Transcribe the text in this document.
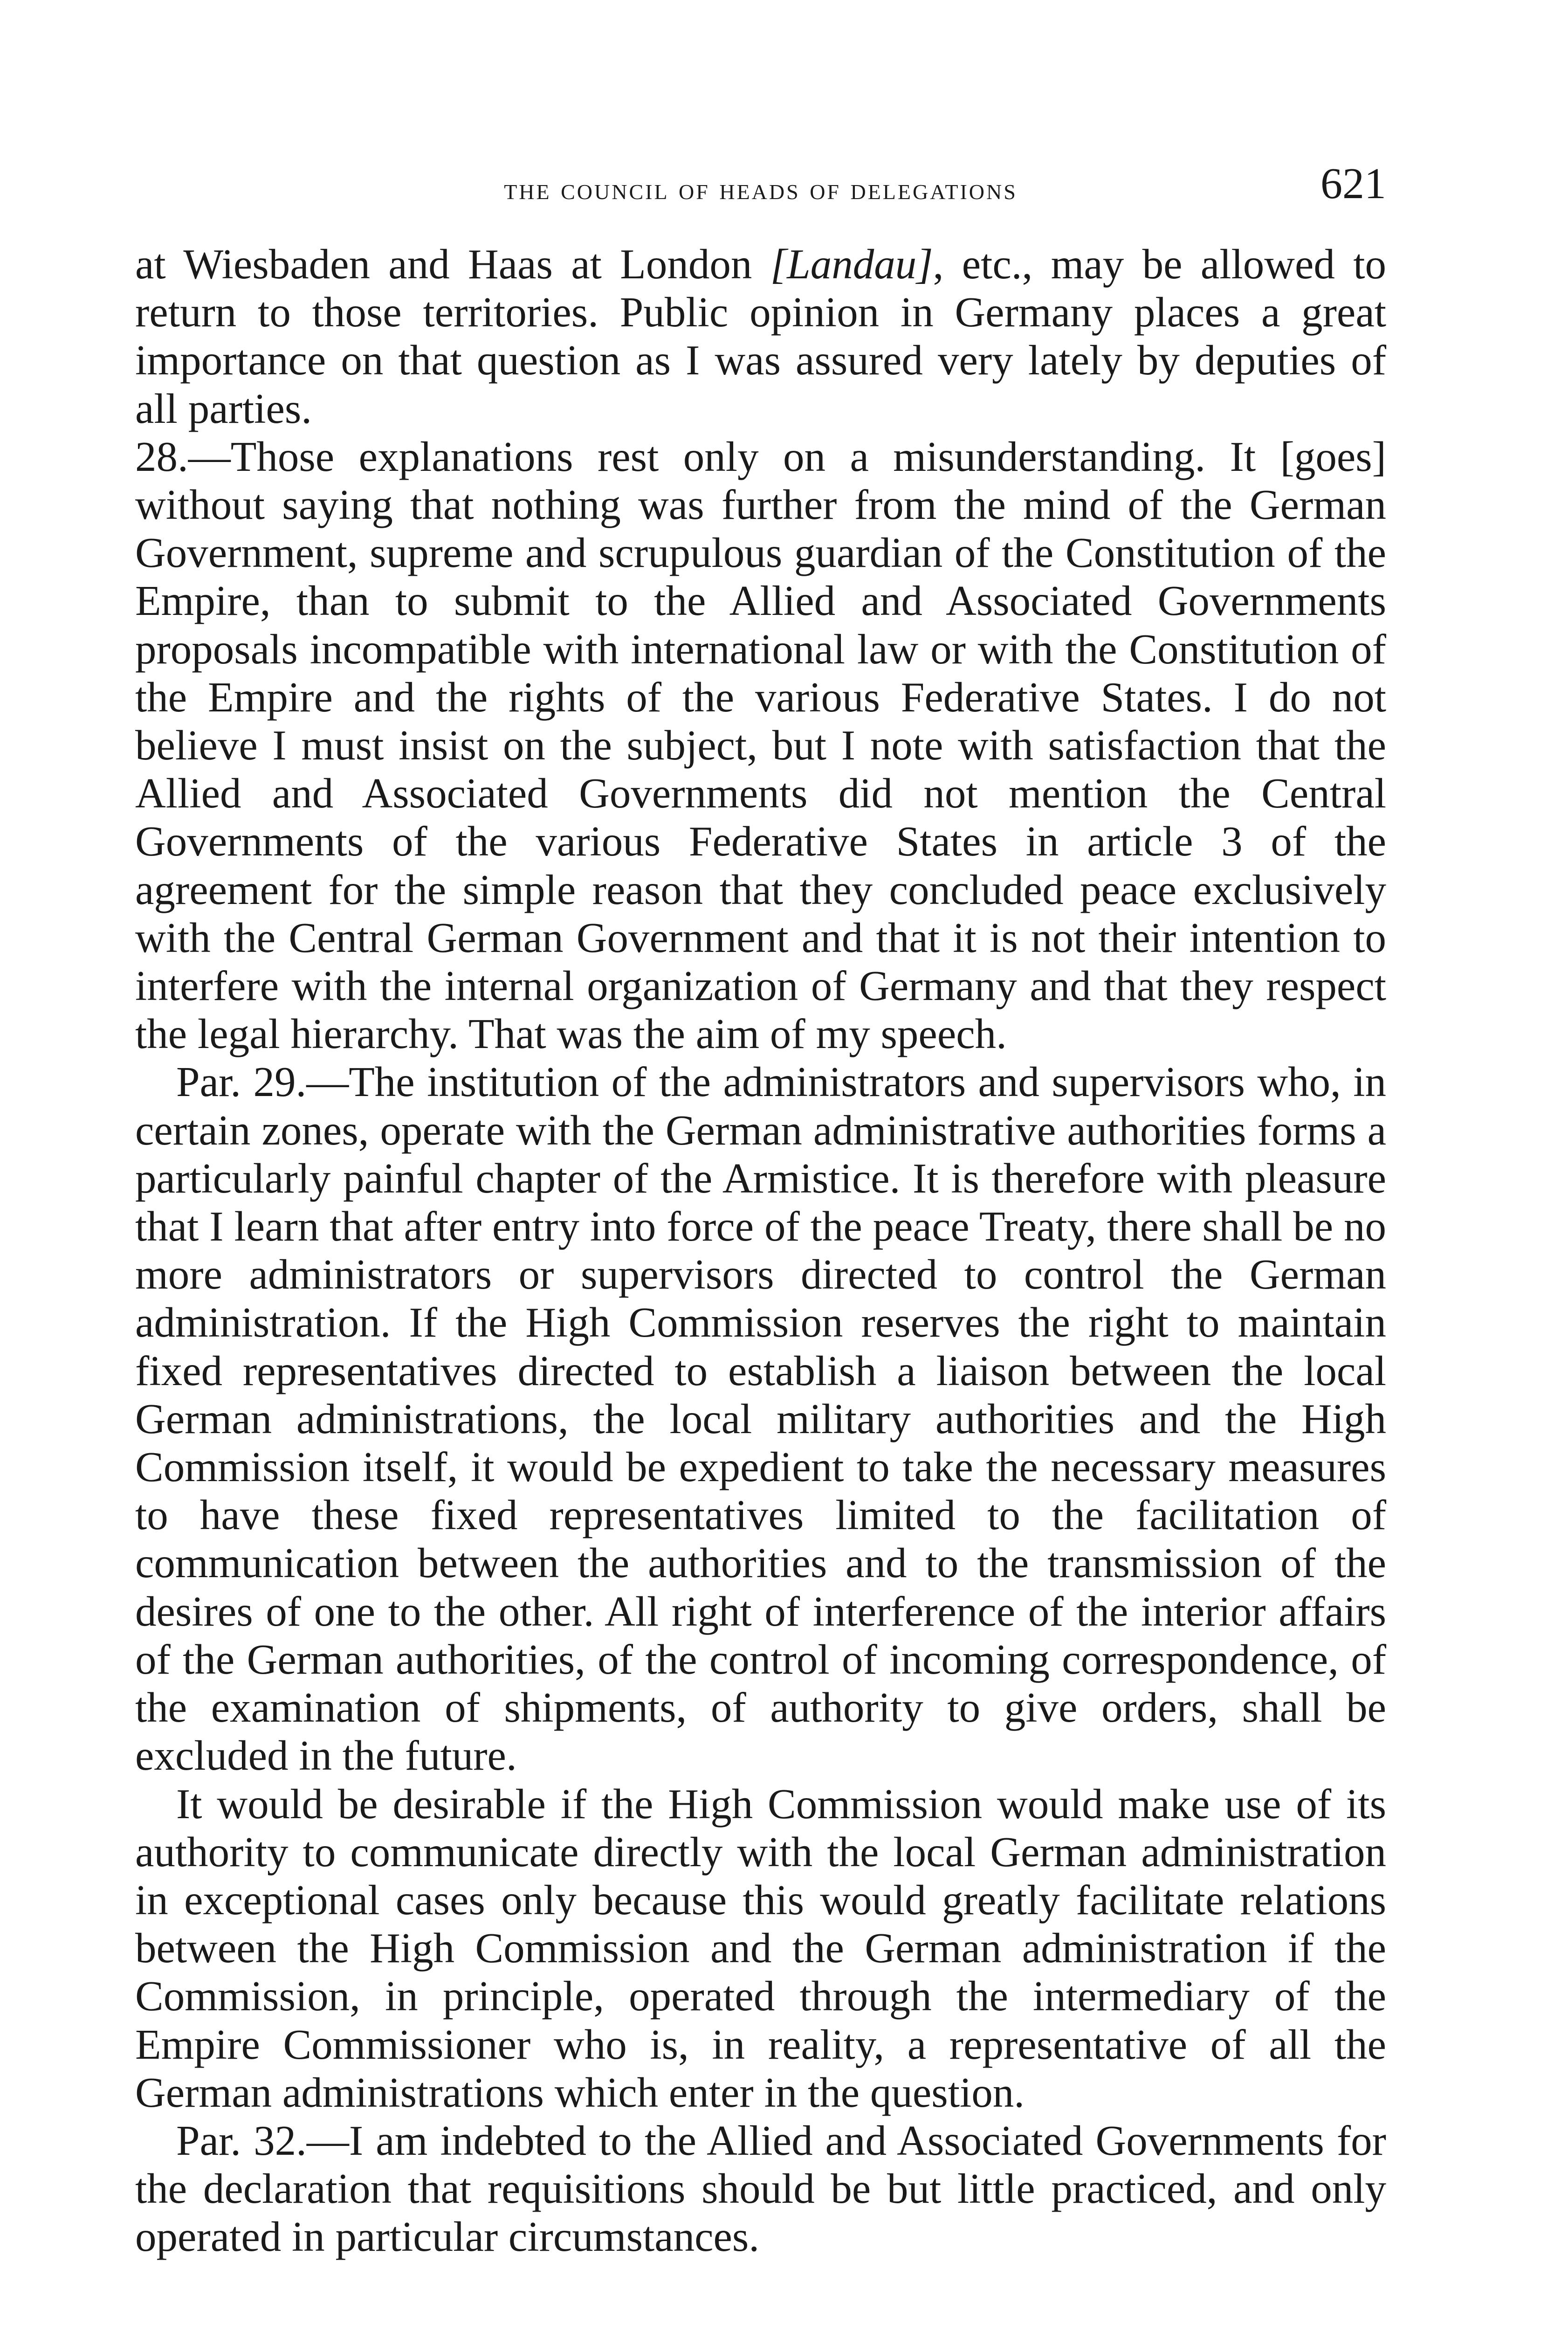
the council of heads of delegations	621

at Wiesbaden and Haas at London [Landau], etc., may be allowed to return to those territories. Public opinion in Germany places a great importance on that question as I was assured very lately by deputies of all parties.

28.—Those explanations rest only on a misunderstanding. It [goes] without saying that nothing was further from the mind of the German Government, supreme and scrupulous guardian of the Constitution of the Empire, than to submit to the Allied and Associated Governments proposals incompatible with international law or with the Constitution of the Empire and the rights of the various Federative States. I do not believe I must insist on the subject, but I note with satisfaction that the Allied and Associated Governments did not mention the Central Governments of the various Federative States in article 3 of the agreement for the simple reason that they concluded peace exclusively with the Central German Government and that it is not their intention to interfere with the internal organization of Germany and that they respect the legal hierarchy. That was the aim of my speech.

Par. 29.—The institution of the administrators and supervisors who, in certain zones, operate with the German administrative authorities forms a particularly painful chapter of the Armistice. It is therefore with pleasure that I learn that after entry into force of the peace Treaty, there shall be no more administrators or supervisors directed to control the German administration. If the High Commission reserves the right to maintain fixed representatives directed to establish a liaison between the local German administrations, the local military authorities and the High Commission itself, it would be expedient to take the necessary measures to have these fixed representatives limited to the facilitation of communication between the authorities and to the transmission of the desires of one to the other. All right of interference of the interior affairs of the German authorities, of the control of incoming correspondence, of the examination of shipments, of authority to give orders, shall be excluded in the future.

It would be desirable if the High Commission would make use of its authority to communicate directly with the local German administration in exceptional cases only because this would greatly facilitate relations between the High Commission and the German administration if the Commission, in principle, operated through the intermediary of the Empire Commissioner who is, in reality, a representative of all the German administrations which enter in the question.

Par. 32.—I am indebted to the Allied and Associated Governments for the declaration that requisitions should be but little practiced, and only operated in particular circumstances.
